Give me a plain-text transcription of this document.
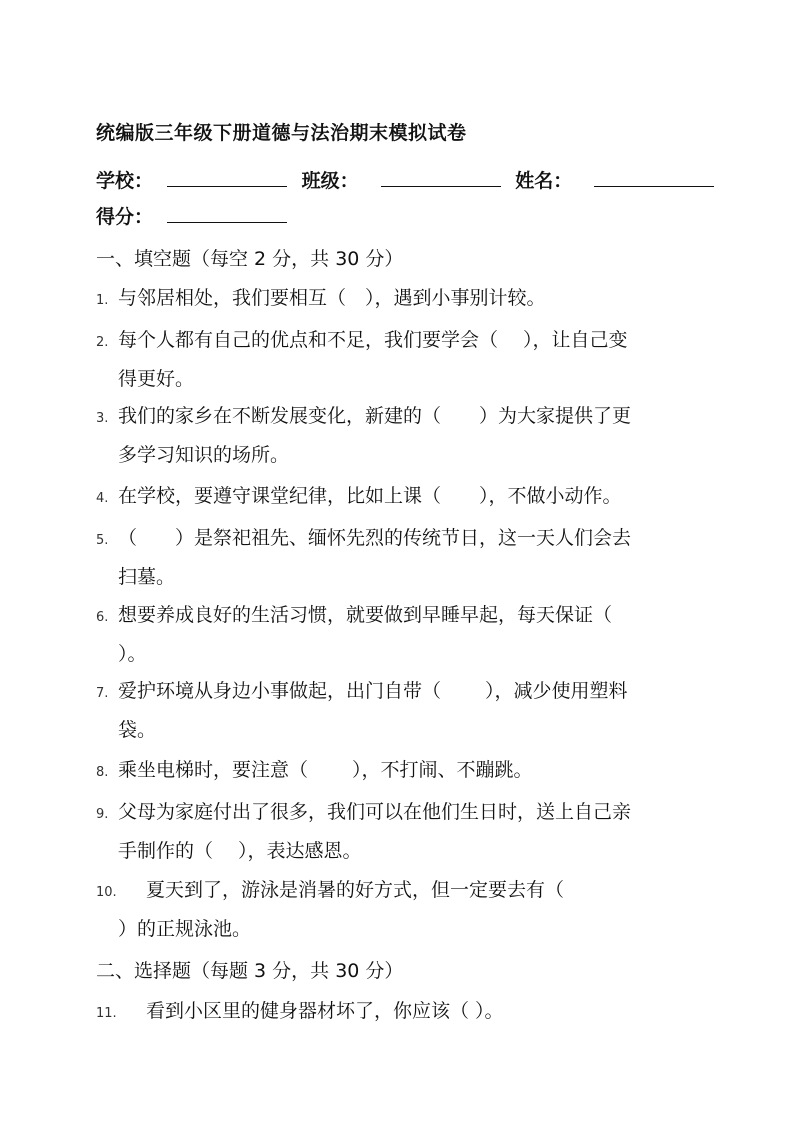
统编版三年级下册道德与法治期末模拟试卷
学校：	班级：	姓名：
得分：
一、填空题（每空 2 分，共 30 分）
1. 与邻居相处，我们要相互（　），遇到小事别计较。
2. 每个人都有自己的优点和不足，我们要学会（　 ），让自己变
得更好。
3. 我们的家乡在不断发展变化，新建的（　　）为大家提供了更
多学习知识的场所。
4. 在学校，要遵守课堂纪律，比如上课（　　），不做小动作。
5. （　　）是祭祀祖先、缅怀先烈的传统节日，这一天人们会去
扫墓。
6. 想要养成良好的生活习惯，就要做到早睡早起，每天保证（
）。
7. 爱护环境从身边小事做起，出门自带（　　 ），减少使用塑料
袋。
8. 乘坐电梯时，要注意（　　 ），不打闹、不蹦跳。
9. 父母为家庭付出了很多，我们可以在他们生日时，送上自己亲
手制作的（　 ），表达感恩。
10. 夏天到了，游泳是消暑的好方式，但一定要去有（
）的正规泳池。
二、选择题（每题 3 分，共 30 分）
11. 看到小区里的健身器材坏了，你应该（ ）。
